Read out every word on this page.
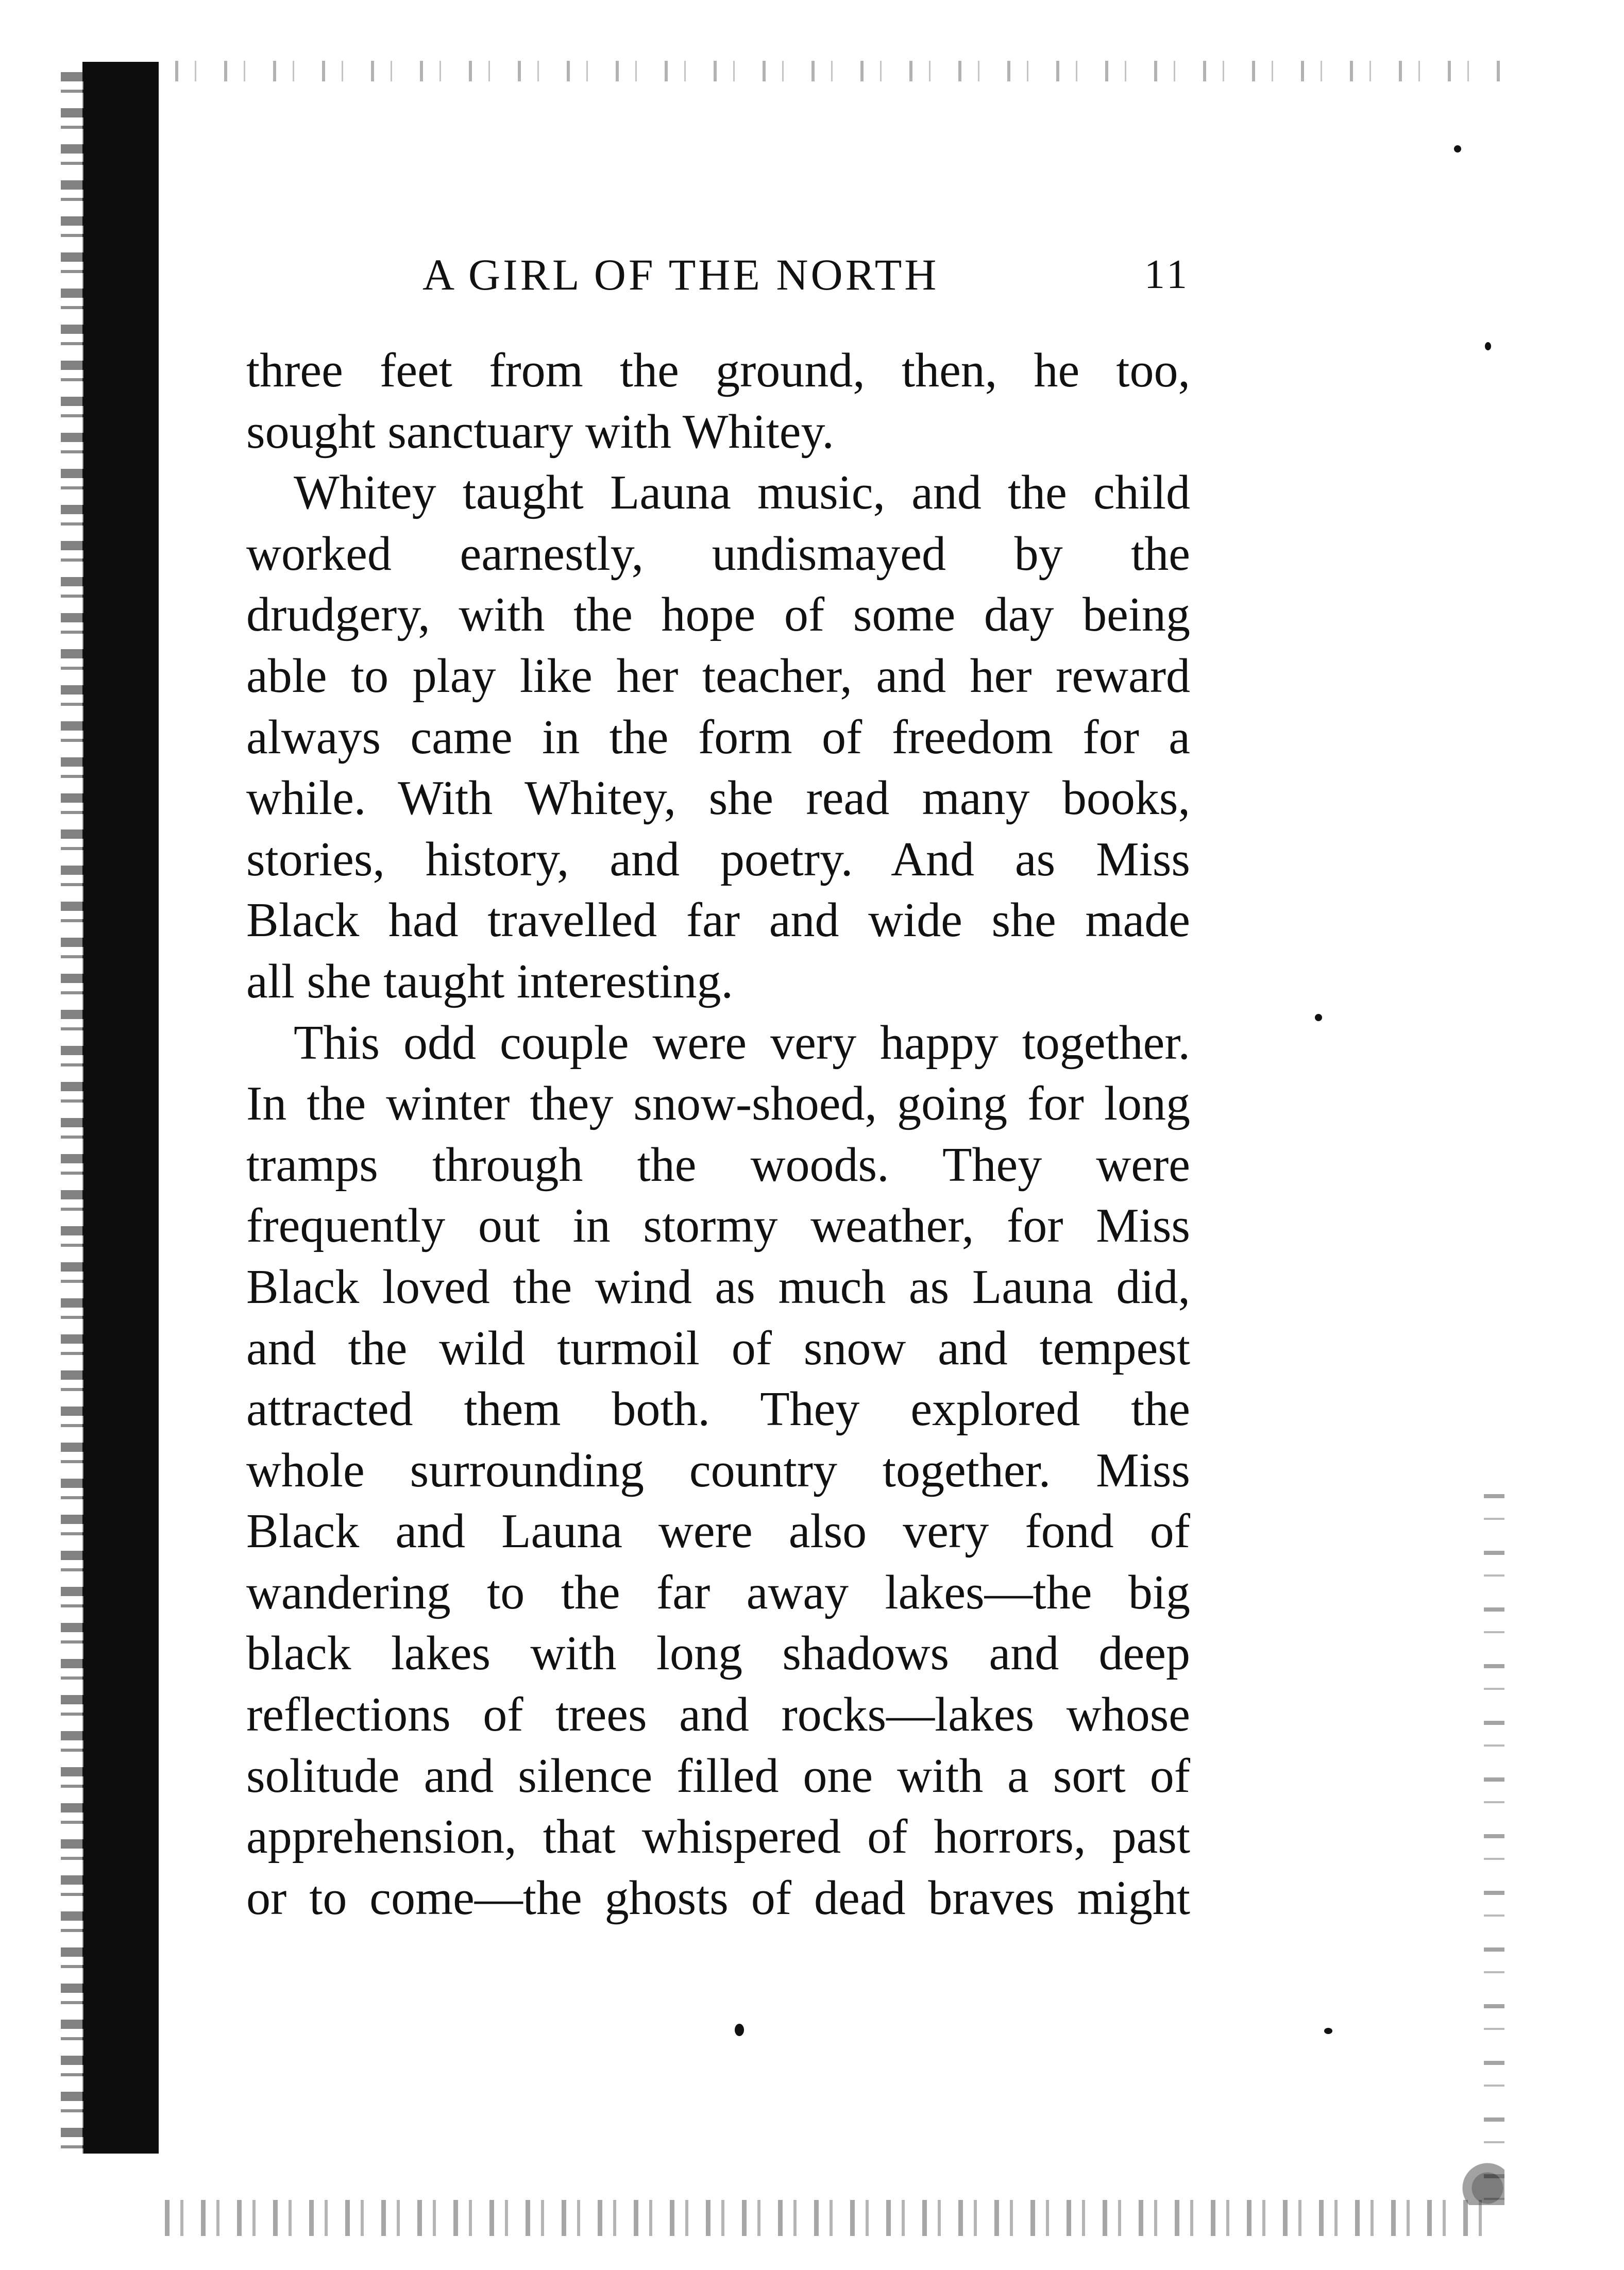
A GIRL OF THE NORTH	11
three feet from the ground, then, he too,
sought sanctuary with Whitey.
Whitey taught Launa music, and the child
worked earnestly, undismayed by the
drudgery, with the hope of some day being
able to play like her teacher, and her reward
always came in the form of freedom for a
while. With Whitey, she read many books,
stories, history, and poetry. And as Miss
Black had travelled far and wide she made
all she taught interesting.
This odd couple were very happy together.
In the winter they snow-shoed, going for long
tramps through the woods. They were
frequently out in stormy weather, for Miss
Black loved the wind as much as Launa did,
and the wild turmoil of snow and tempest
attracted them both. They explored the
whole surrounding country together. Miss
Black and Launa were also very fond of
wandering to the far away lakes—the big
black lakes with long shadows and deep
reflections of trees and rocks—lakes whose
solitude and silence filled one with a sort of
apprehension, that whispered of horrors, past
or to come—the ghosts of dead braves might
